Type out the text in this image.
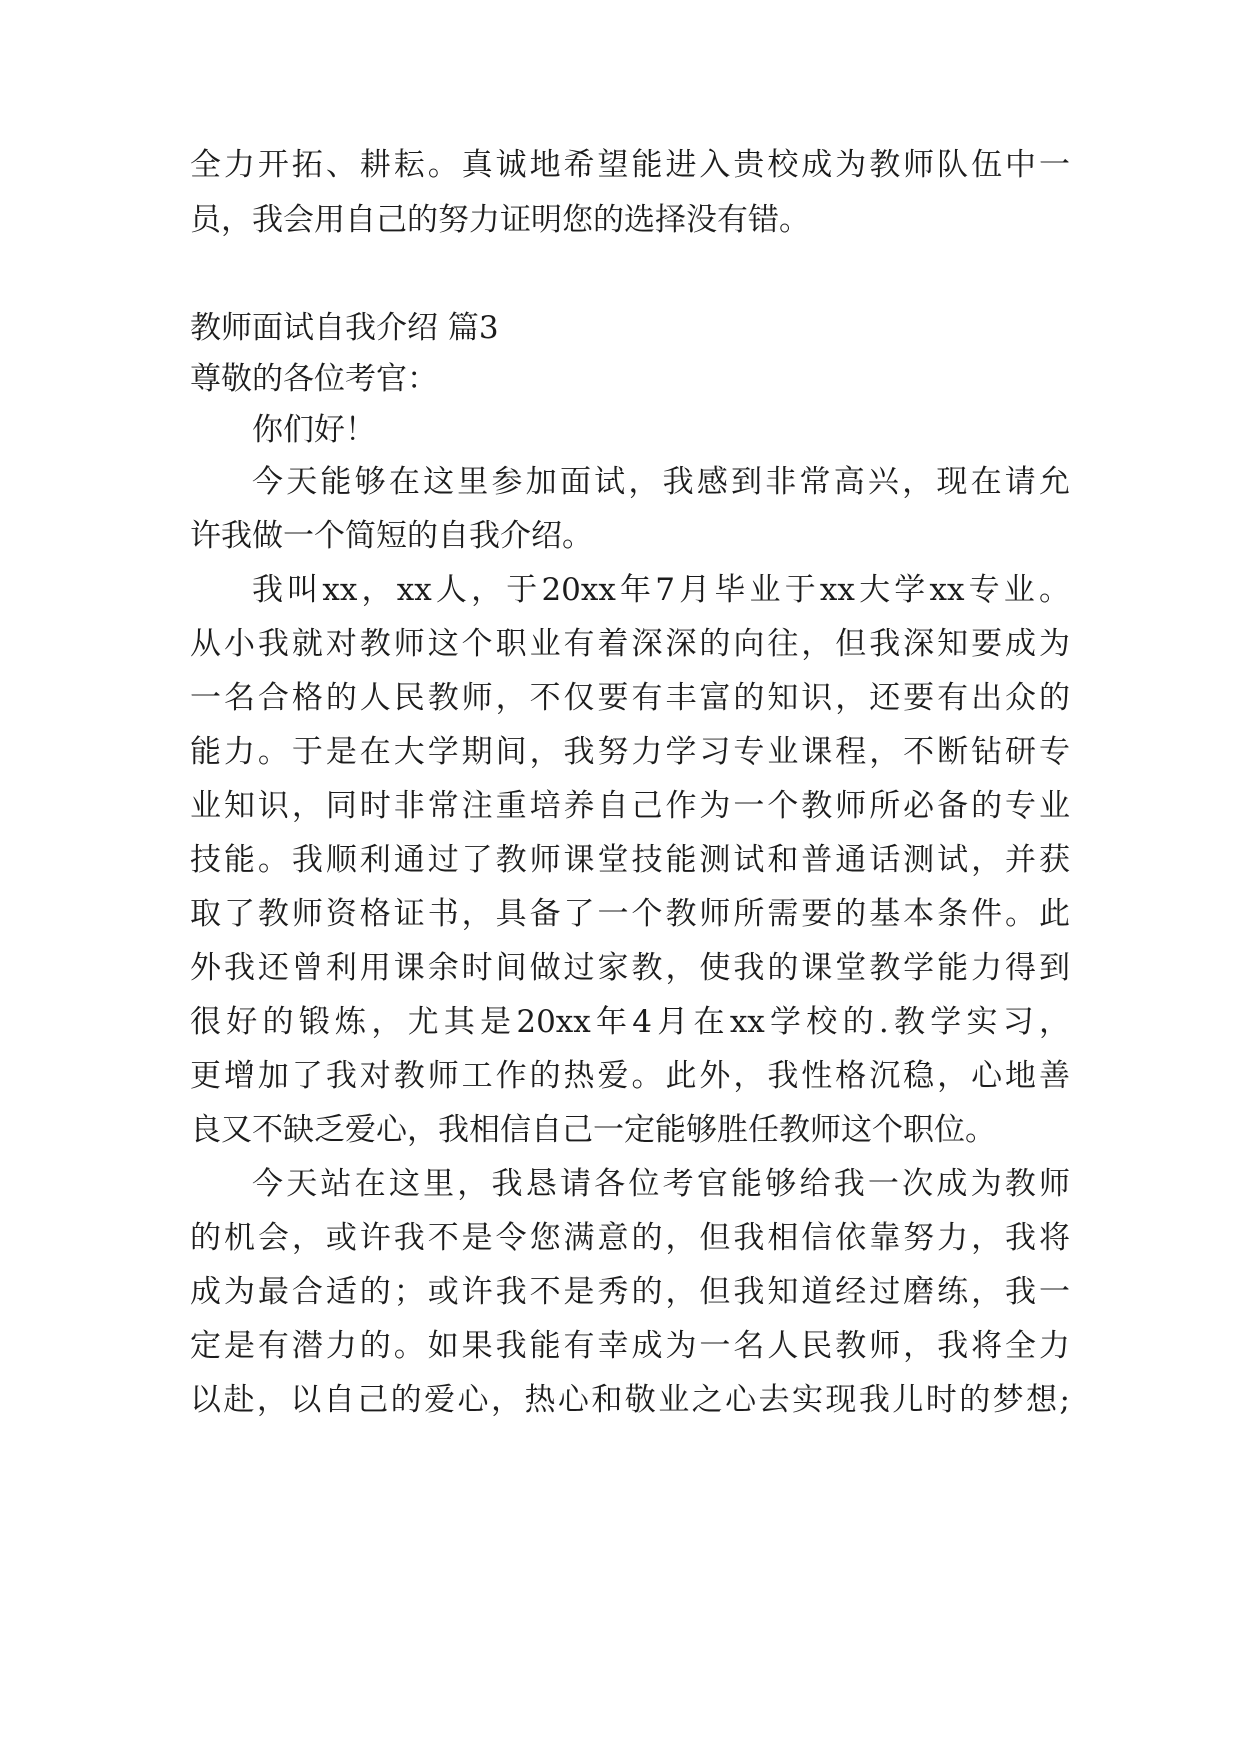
全力开拓、耕耘。真诚地希望能进入贵校成为教师队伍中一
员，我会用自己的努力证明您的选择没有错。
教师面试自我介绍 篇3
尊敬的各位考官：
你们好！
今天能够在这里参加面试，我感到非常高兴，现在请允
许我做一个简短的自我介绍。
我叫xx，xx人，于20xx年7月毕业于xx大学xx专业。
从小我就对教师这个职业有着深深的向往，但我深知要成为
一名合格的人民教师，不仅要有丰富的知识，还要有出众的
能力。于是在大学期间，我努力学习专业课程，不断钻研专
业知识，同时非常注重培养自己作为一个教师所必备的专业
技能。我顺利通过了教师课堂技能测试和普通话测试，并获
取了教师资格证书，具备了一个教师所需要的基本条件。此
外我还曾利用课余时间做过家教，使我的课堂教学能力得到
很好的锻炼，尤其是20xx年4月在xx学校的.教学实习，
更增加了我对教师工作的热爱。此外，我性格沉稳，心地善
良又不缺乏爱心，我相信自己一定能够胜任教师这个职位。
今天站在这里，我恳请各位考官能够给我一次成为教师
的机会，或许我不是令您满意的，但我相信依靠努力，我将
成为最合适的；或许我不是秀的，但我知道经过磨练，我一
定是有潜力的。如果我能有幸成为一名人民教师，我将全力
以赴，以自己的爱心，热心和敬业之心去实现我儿时的梦想;
